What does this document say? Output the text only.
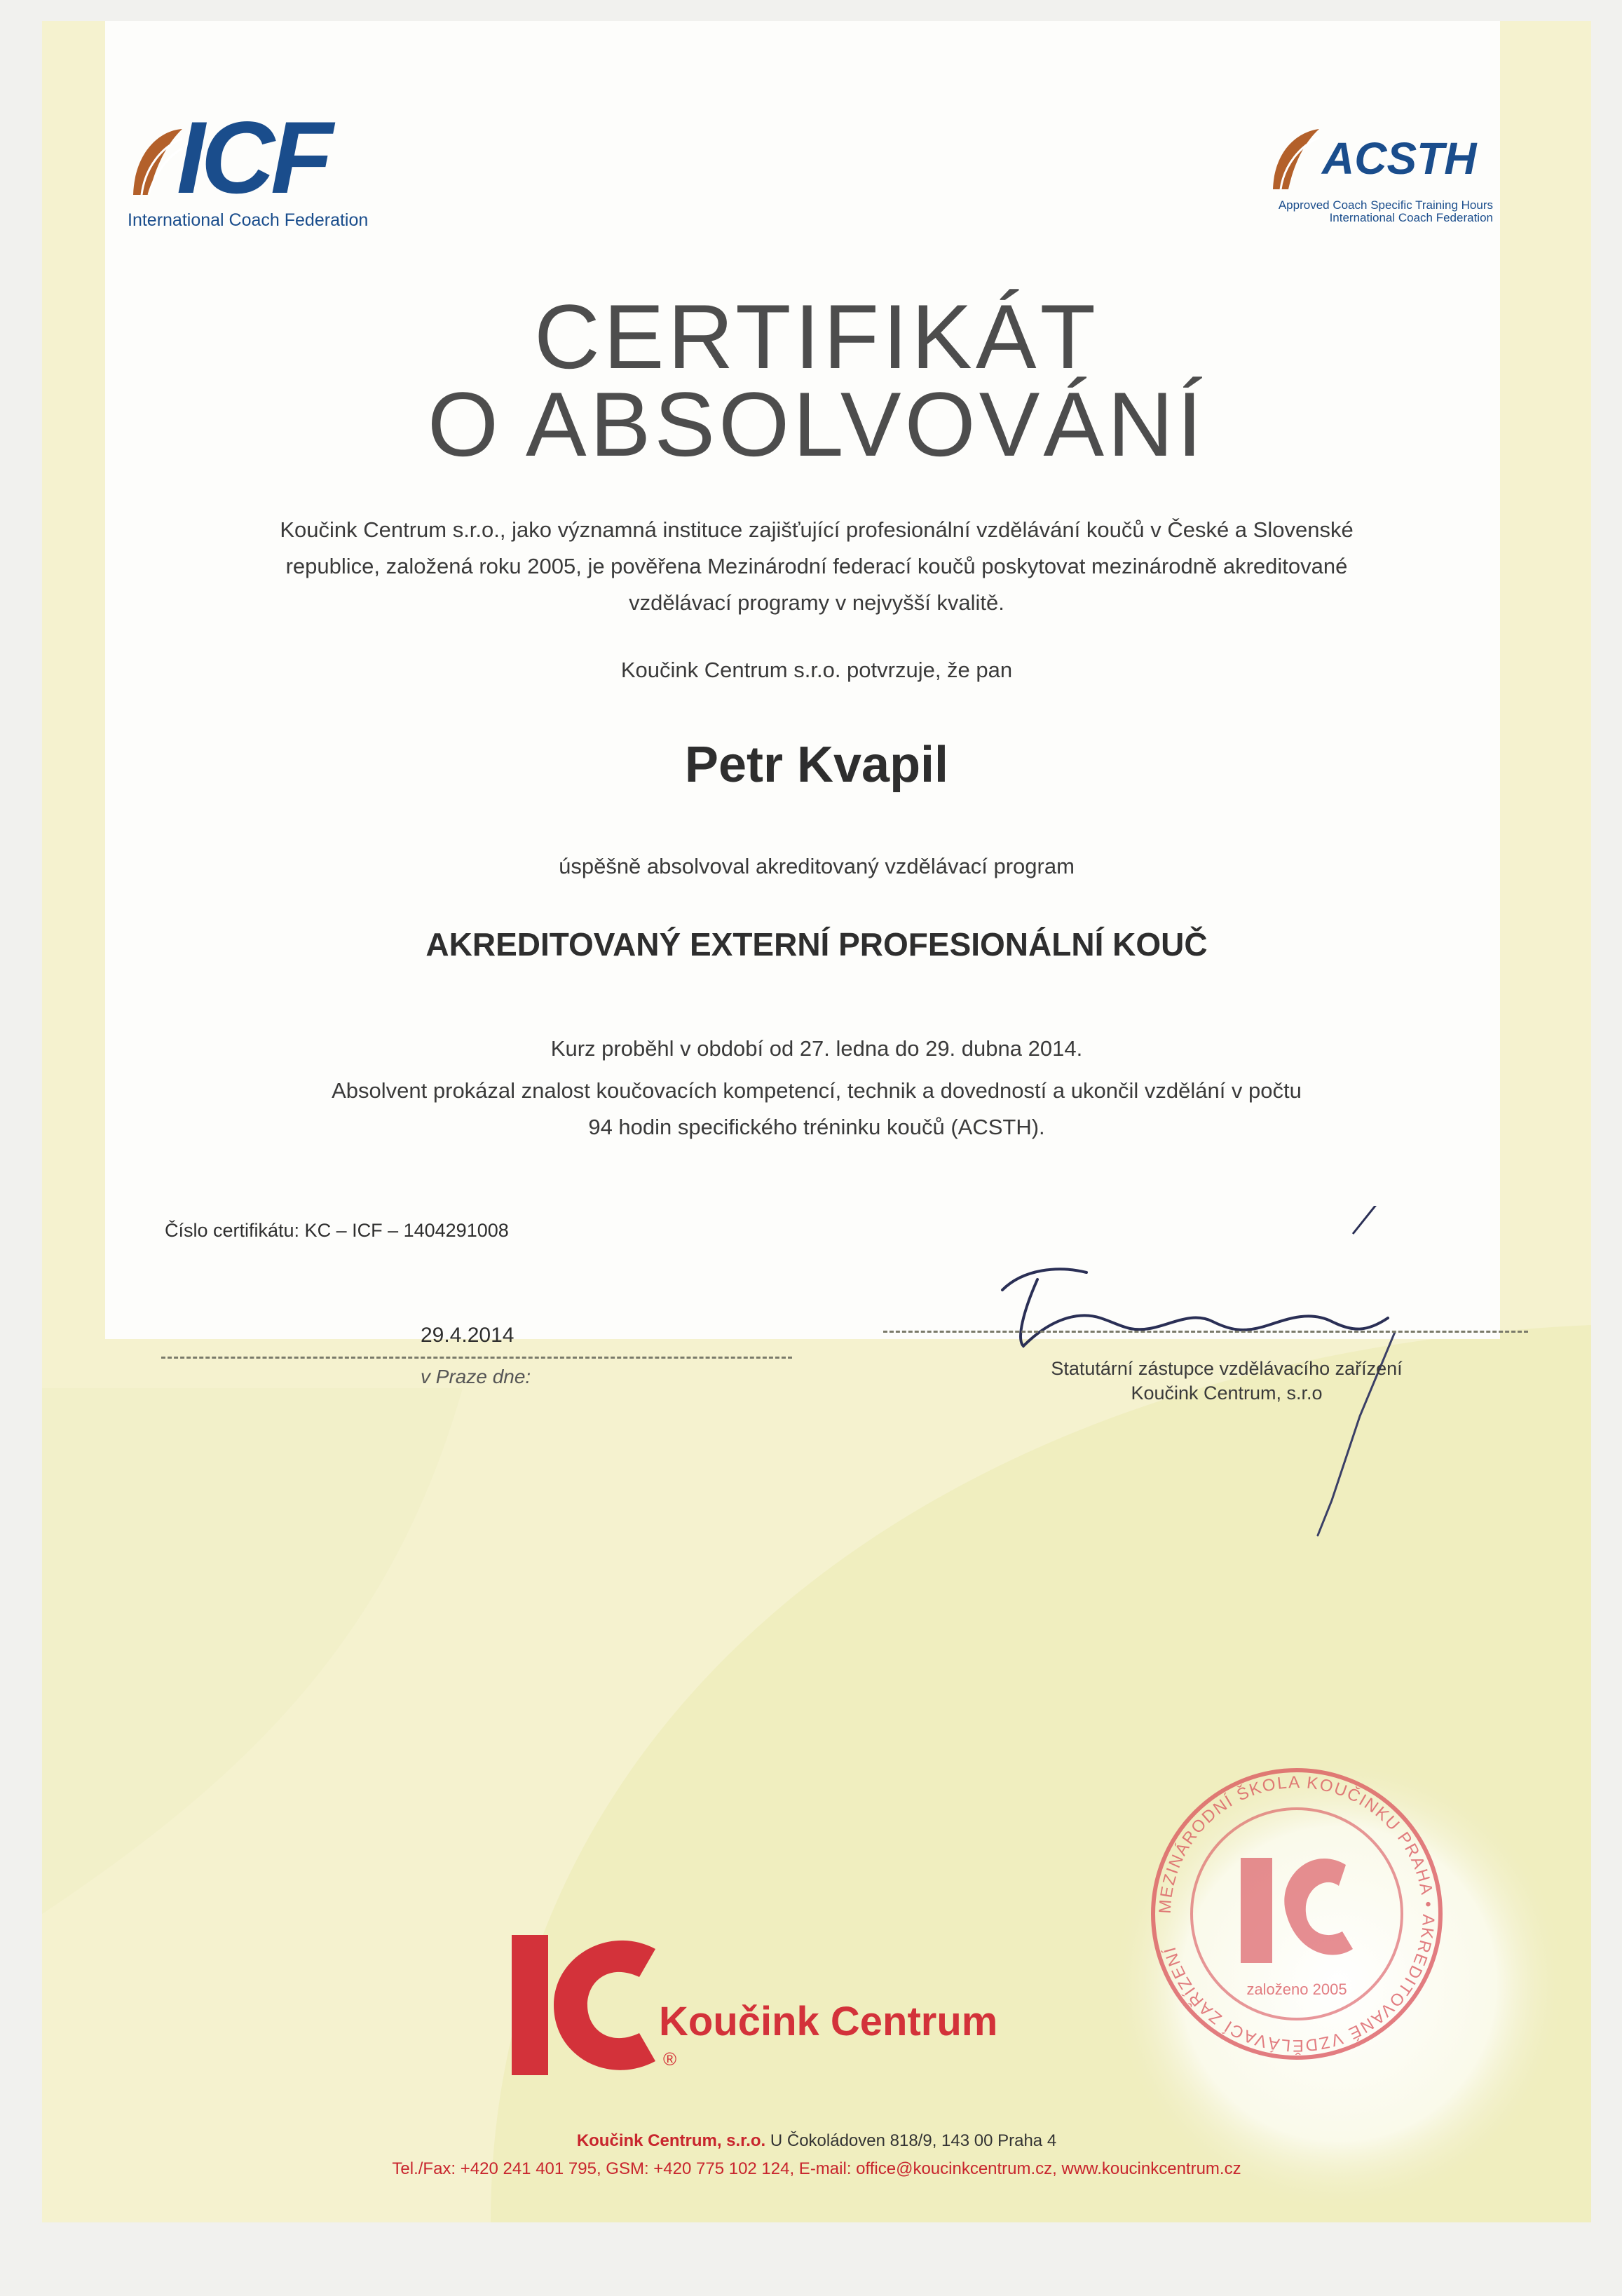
ICF
International Coach Federation
ACSTH
Approved Coach Specific Training Hours
International Coach Federation
CERTIFIKÁT
O ABSOLVOVÁNÍ
Koučink Centrum s.r.o., jako významná instituce zajišťující profesionální vzdělávání koučů v České a Slovenské
republice, založená roku 2005, je pověřena Mezinárodní federací koučů poskytovat mezinárodně akreditované
vzdělávací programy v nejvyšší kvalitě.
Koučink Centrum s.r.o. potvrzuje, že pan
Petr Kvapil
úspěšně absolvoval akreditovaný vzdělávací program
AKREDITOVANÝ EXTERNÍ PROFESIONÁLNÍ KOUČ
Kurz proběhl v období od 27. ledna do 29. dubna 2014.
Absolvent prokázal znalost koučovacích kompetencí, technik a dovedností a ukončil vzdělání v počtu
94 hodin specifického tréninku koučů (ACSTH).
Číslo certifikátu: KC – ICF – 1404291008
29.4.2014
v Praze dne:	Statutární zástupce vzdělávacího zařízení
Koučink Centrum, s.r.o
MEZINÁRODNÍ ŠKOLA KOUČINKU PRAHA • AKREDITOVANÉ VZDĚLÁVACÍ ZAŘÍZENÍ
založeno 2005
Koučink Centrum
®
Koučink Centrum, s.r.o. U Čokoládoven 818/9, 143 00 Praha 4
Tel./Fax: +420 241 401 795, GSM: +420 775 102 124, E-mail: office@koucinkcentrum.cz, www.koucinkcentrum.cz
